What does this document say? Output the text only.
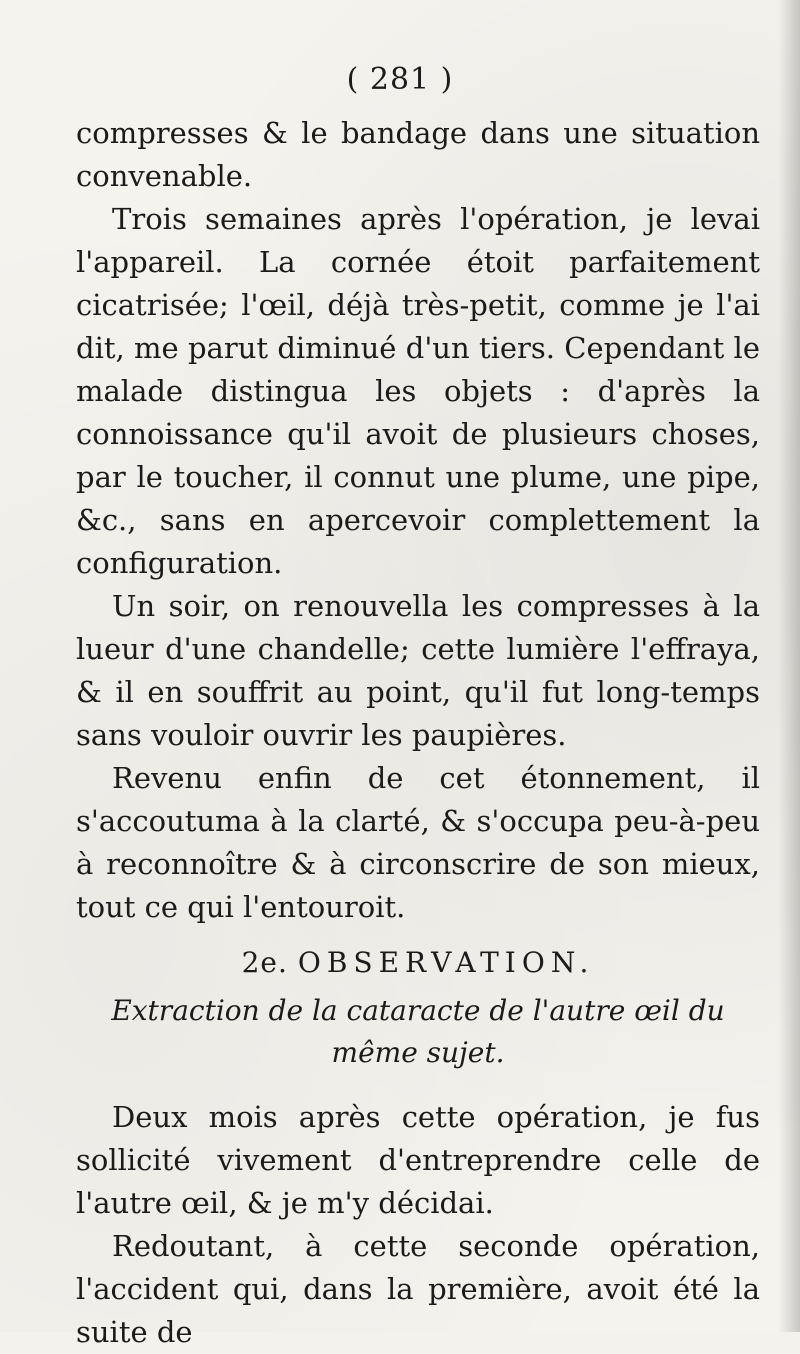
( 281 )

compresses & le bandage dans une situation convenable.

Trois semaines après l'opération, je levai l'appareil. La cornée étoit parfaitement cicatrisée; l'œil, déjà très-petit, comme je l'ai dit, me parut diminué d'un tiers. Cependant le malade distingua les objets : d'après la connoissance qu'il avoit de plusieurs choses, par le toucher, il connut une plume, une pipe, &c., sans en apercevoir complettement la configuration.

Un soir, on renouvella les compresses à la lueur d'une chandelle; cette lumière l'effraya, & il en souffrit au point, qu'il fut long-temps sans vouloir ouvrir les paupières.

Revenu enfin de cet étonnement, il s'accoutuma à la clarté, & s'occupa peu-à-peu à reconnoître & à circonscrire de son mieux, tout ce qui l'entouroit.

2e. OBSERVATION.
Extraction de la cataracte de l'autre œil du même sujet.

Deux mois après cette opération, je fus sollicité vivement d'entreprendre celle de l'autre œil, & je m'y décidai.

Redoutant, à cette seconde opération, l'accident qui, dans la première, avoit été la suite de
